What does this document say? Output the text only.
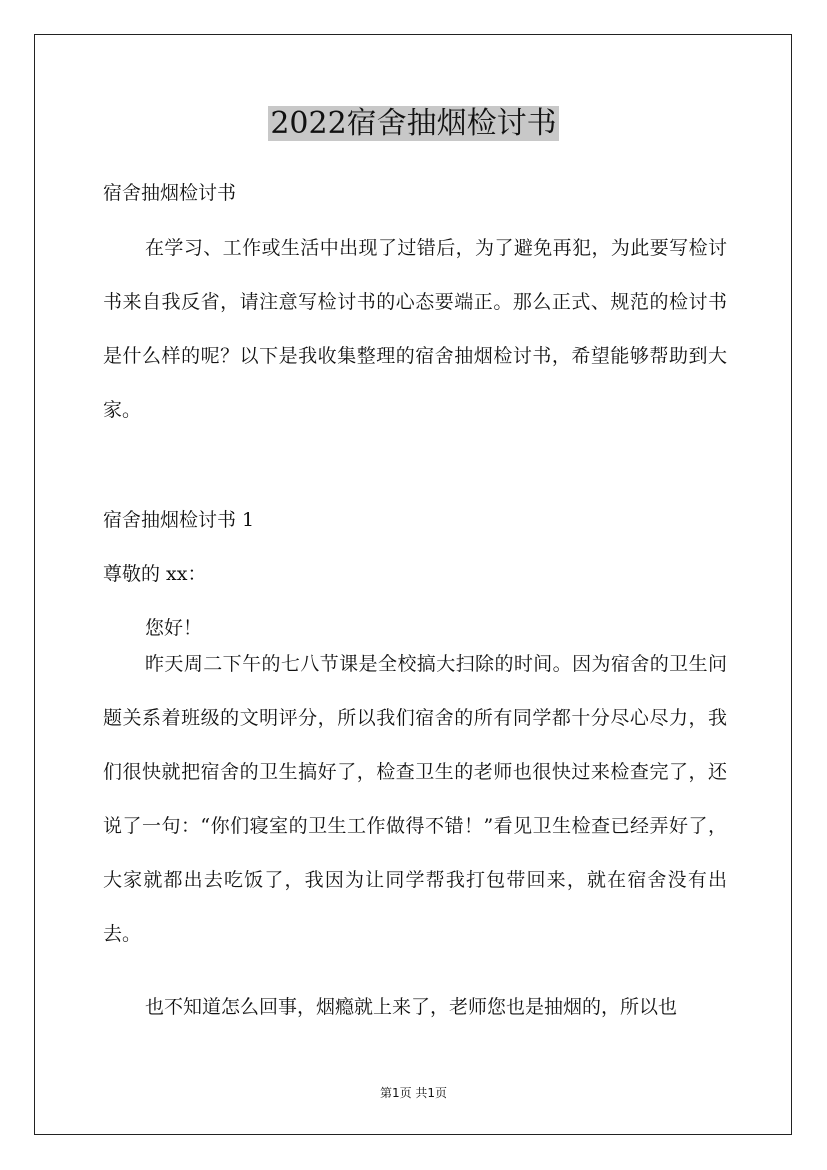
2022宿舍抽烟检讨书

宿舍抽烟检讨书

在学习、工作或生活中出现了过错后，为了避免再犯，为此要写检讨书来自我反省，请注意写检讨书的心态要端正。那么正式、规范的检讨书是什么样的呢？以下是我收集整理的宿舍抽烟检讨书，希望能够帮助到大家。

宿舍抽烟检讨书 1

尊敬的 xx：

您好！

昨天周二下午的七八节课是全校搞大扫除的时间。因为宿舍的卫生问题关系着班级的文明评分，所以我们宿舍的所有同学都十分尽心尽力，我们很快就把宿舍的卫生搞好了，检查卫生的老师也很快过来检查完了，还说了一句：“你们寝室的卫生工作做得不错！”看见卫生检查已经弄好了，大家就都出去吃饭了，我因为让同学帮我打包带回来，就在宿舍没有出去。

也不知道怎么回事，烟瘾就上来了，老师您也是抽烟的，所以也

第1页 共1页
